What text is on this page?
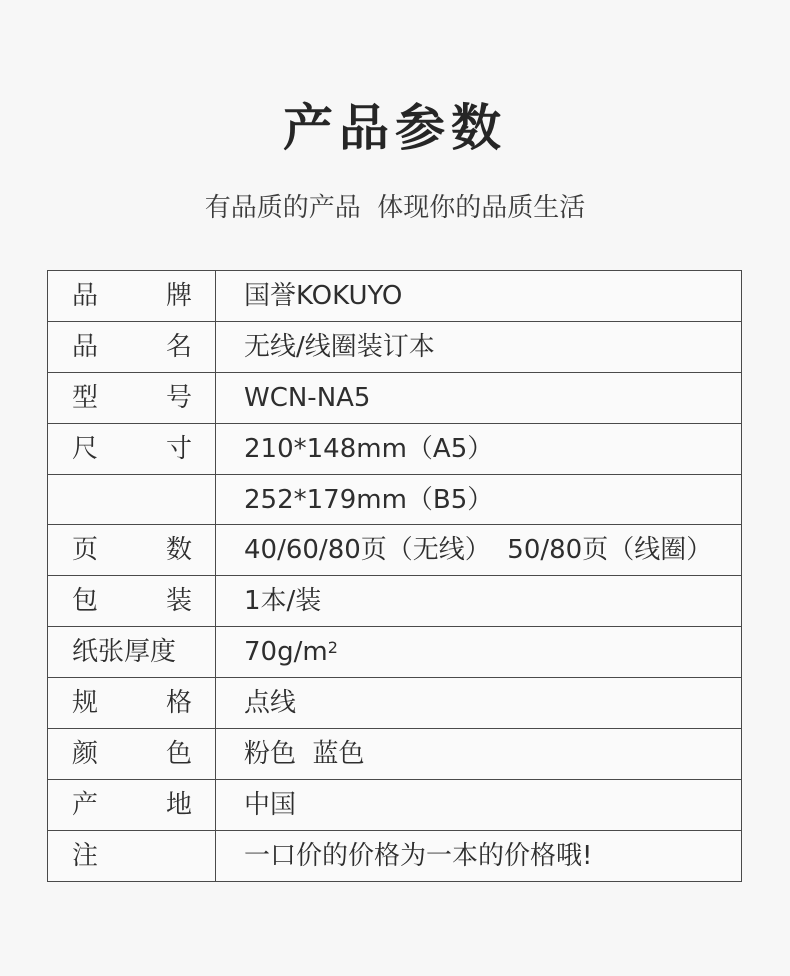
产品参数
有品质的产品  体现你的品质生活
品 牌	国誉KOKUYO

品 名	无线/线圈装订本

型 号	WCN-NA5

尺 寸	210*148mm（A5）

	252*179mm（B5）

页 数	40/60/80页（无线）  50/80页（线圈）

包 装	1本/装

纸张厚度	$70g/m^2$

规 格	点线

颜 色	粉色  蓝色

产 地	中国

注	一口价的价格为一本的价格哦!
